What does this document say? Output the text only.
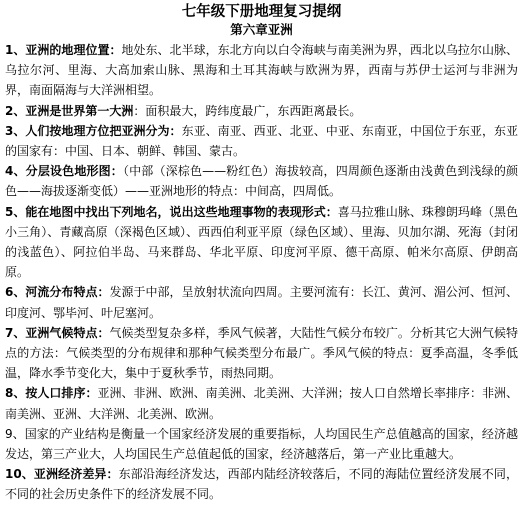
七年级下册地理复习提纲
第六章亚洲

1、亚洲的地理位置：地处东、北半球，东北方向以白令海峡与南美洲为界，西北以乌拉尔山脉、乌拉尔河、里海、大高加索山脉、黑海和土耳其海峡与欧洲为界，西南与苏伊士运河与非洲为界，南面隔海与大洋洲相望。

2、亚洲是世界第一大洲：面积最大，跨纬度最广，东西距离最长。

3、人们按地理方位把亚洲分为：东亚、南亚、西亚、北亚、中亚、东南亚，中国位于东亚，东亚的国家有：中国、日本、朝鲜、韩国、蒙古。

4、分层设色地形图：（中部（深棕色——粉红色）海拔较高，四周颜色逐渐由浅黄色到浅绿的颜色——海拔逐渐变低）——亚洲地形的特点：中间高，四周低。

5、能在地图中找出下列地名，说出这些地理事物的表现形式：喜马拉雅山脉、珠穆朗玛峰（黑色小三角）、青藏高原（深褐色区域）、西西伯利亚平原（绿色区域）、里海、贝加尔湖、死海（封闭的浅蓝色）、阿拉伯半岛、马来群岛、华北平原、印度河平原、德干高原、帕米尔高原、伊朗高原。

6、河流分布特点：发源于中部，呈放射状流向四周。主要河流有：长江、黄河、湄公河、恒河、印度河、鄂毕河、叶尼塞河。

7、亚洲气候特点：气候类型复杂多样，季风气候著，大陆性气候分布较广。分析其它大洲气候特点的方法：气候类型的分布规律和那种气候类型分布最广。季风气候的特点：夏季高温，冬季低温，降水季节变化大，集中于夏秋季节，雨热同期。

8、按人口排序：亚洲、非洲、欧洲、南美洲、北美洲、大洋洲；按人口自然增长率排序：非洲、南美洲、亚洲、大洋洲、北美洲、欧洲。

9、国家的产业结构是衡量一个国家经济发展的重要指标，人均国民生产总值越高的国家，经济越发达，第三产业大，人均国民生产总值起低的国家，经济越落后，第一产业比重越大。

10、亚洲经济差异：东部沿海经济发达，西部内陆经济较落后，不同的海陆位置经济发展不同，不同的社会历史条件下的经济发展不同。
